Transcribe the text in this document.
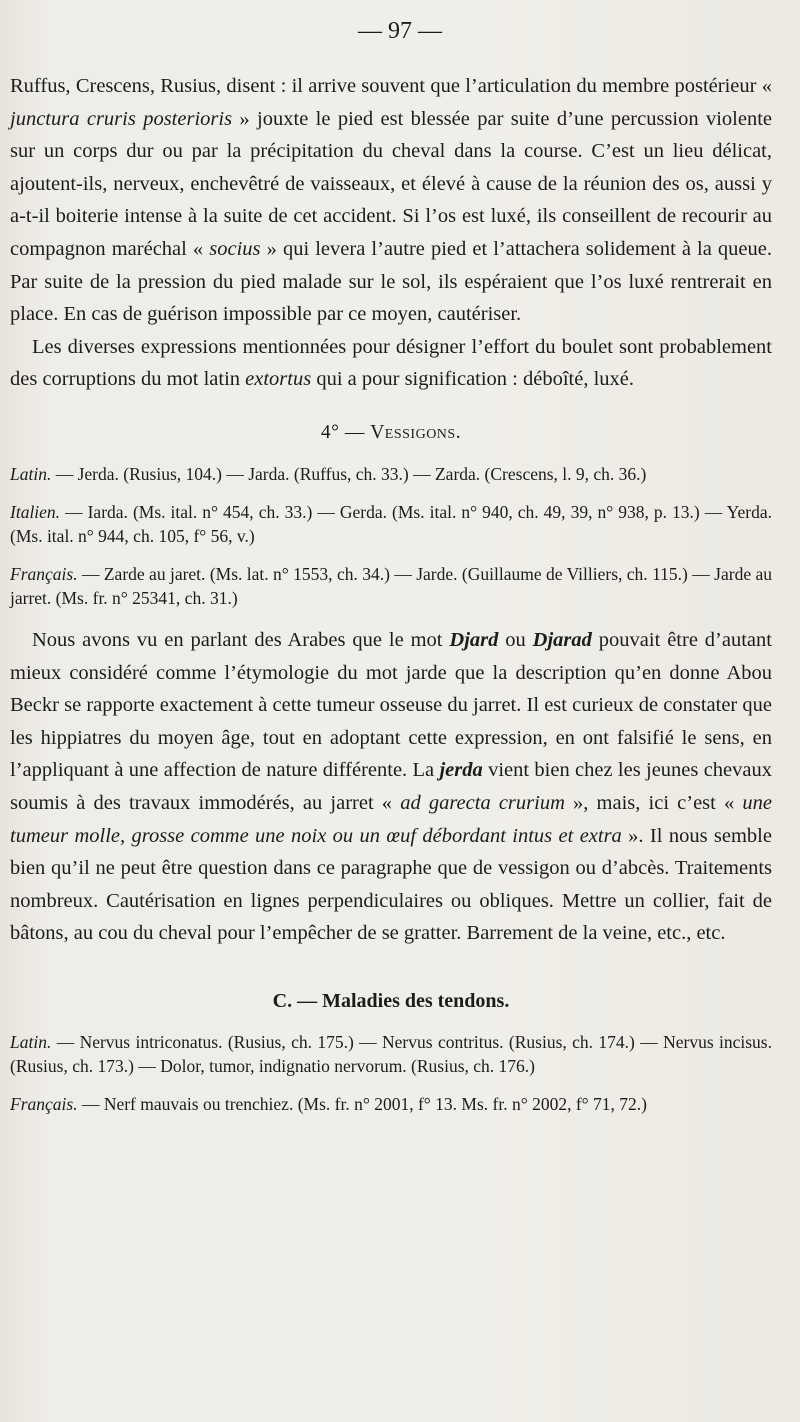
— 97 —

Ruffus, Crescens, Rusius, disent : il arrive souvent que l’articulation du membre postérieur « junctura cruris posterioris » jouxte le pied est blessée par suite d’une percussion violente sur un corps dur ou par la précipitation du cheval dans la course. C’est un lieu délicat, ajoutent-ils, nerveux, enchevêtré de vaisseaux, et élevé à cause de la réunion des os, aussi y a-t-il boiterie intense à la suite de cet accident. Si l’os est luxé, ils conseillent de recourir au compagnon maréchal « socius » qui levera l’autre pied et l’attachera solidement à la queue. Par suite de la pression du pied malade sur le sol, ils espéraient que l’os luxé rentrerait en place. En cas de guérison impossible par ce moyen, cautériser.

Les diverses expressions mentionnées pour désigner l’effort du boulet sont probablement des corruptions du mot latin extortus qui a pour signification : déboîté, luxé.

4° — Vessigons.

Latin. — Jerda. (Rusius, 104.) — Jarda. (Ruffus, ch. 33.) — Zarda. (Crescens, l. 9, ch. 36.)

Italien. — Iarda. (Ms. ital. n° 454, ch. 33.) — Gerda. (Ms. ital. n° 940, ch. 49, 39, n° 938, p. 13.) — Yerda. (Ms. ital. n° 944, ch. 105, f° 56, v.)

Français. — Zarde au jaret. (Ms. lat. n° 1553, ch. 34.) — Jarde. (Guillaume de Villiers, ch. 115.) — Jarde au jarret. (Ms. fr. n° 25341, ch. 31.)

Nous avons vu en parlant des Arabes que le mot Djard ou Djarad pouvait être d’autant mieux considéré comme l’étymologie du mot jarde que la description qu’en donne Abou Beckr se rapporte exactement à cette tumeur osseuse du jarret. Il est curieux de constater que les hippiatres du moyen âge, tout en adoptant cette expression, en ont falsifié le sens, en l’appliquant à une affection de nature différente. La jerda vient bien chez les jeunes chevaux soumis à des travaux immodérés, au jarret « ad garecta crurium », mais, ici c’est « une tumeur molle, grosse comme une noix ou un œuf débordant intus et extra ». Il nous semble bien qu’il ne peut être question dans ce paragraphe que de vessigon ou d’abcès. Traitements nombreux. Cautérisation en lignes perpendiculaires ou obliques. Mettre un collier, fait de bâtons, au cou du cheval pour l’empêcher de se gratter. Barrement de la veine, etc., etc.

C. — Maladies des tendons.

Latin. — Nervus intriconatus. (Rusius, ch. 175.) — Nervus contritus. (Rusius, ch. 174.) — Nervus incisus. (Rusius, ch. 173.) — Dolor, tumor, indignatio nervorum. (Rusius, ch. 176.)

Français. — Nerf mauvais ou trenchiez. (Ms. fr. n° 2001, f° 13. Ms. fr. n° 2002, f° 71, 72.)
